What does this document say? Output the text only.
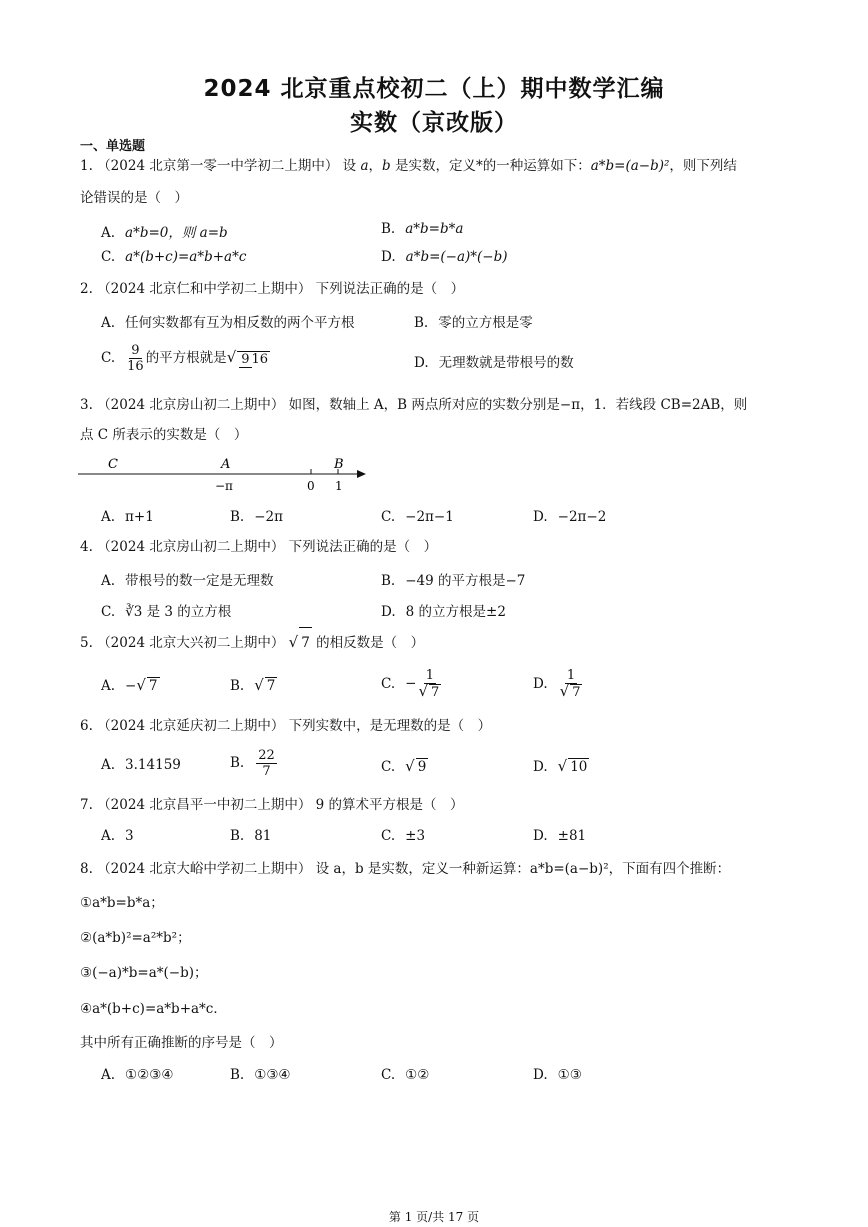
2024 北京重点校初二（上）期中数学汇编
实数（京改版）
一、单选题
1. （2024 北京第一零一中学初二上期中） 设 a，b 是实数，定义*的一种运算如下：a*b=(a−b)²，则下列结
论错误的是（　）
A. a*b=0，则 a=b	B. a*b=b*a
C. a*(b+c)=a*b+a*c	D. a*b=(−a)*(−b)
2. （2024 北京仁和中学初二上期中） 下列说法正确的是（　）
A. 任何实数都有互为相反数的两个平方根	B. 零的立方根是零
C. $\frac{9}{16}$ 的平方根就是√ 9 16	D. 无理数就是带根号的数
3. （2024 北京房山初二上期中） 如图，数轴上 A，B 两点所对应的实数分别是−π，1．若线段 CB=2AB，则
点 C 所表示的实数是（　）
C	A	B
−π	0 1
A. π+1	B. −2π	C. −2π−1	D. −2π−2
4. （2024 北京房山初二上期中） 下列说法正确的是（　）
A. 带根号的数一定是无理数	B. −49 的平方根是−7
C. ∛3 是 3 的立方根	D. 8 的立方根是±2
5. （2024 北京大兴初二上期中） √ 7 的相反数是（　）
A. −√ 7	B. √ 7	C. − $\frac{1}{√ 7}$	D. $\frac{1}{√ 7}$
6. （2024 北京延庆初二上期中） 下列实数中，是无理数的是（　）
A. 3.14159	B. $\frac{22}{7}$	C. √ 9	D. √ 10
7. （2024 北京昌平一中初二上期中） 9 的算术平方根是（　）
A. 3	B. 81	C. ±3	D. ±81
8. （2024 北京大峪中学初二上期中） 设 a，b 是实数，定义一种新运算：a*b=(a−b)²，下面有四个推断：
①a*b=b*a；
②(a*b)²=a²*b²；
③(−a)*b=a*(−b)；
④a*(b+c)=a*b+a*c．
其中所有正确推断的序号是（　）
A. ①②③④	B. ①③④	C. ①②	D. ①③
第 1 页/共 17 页
